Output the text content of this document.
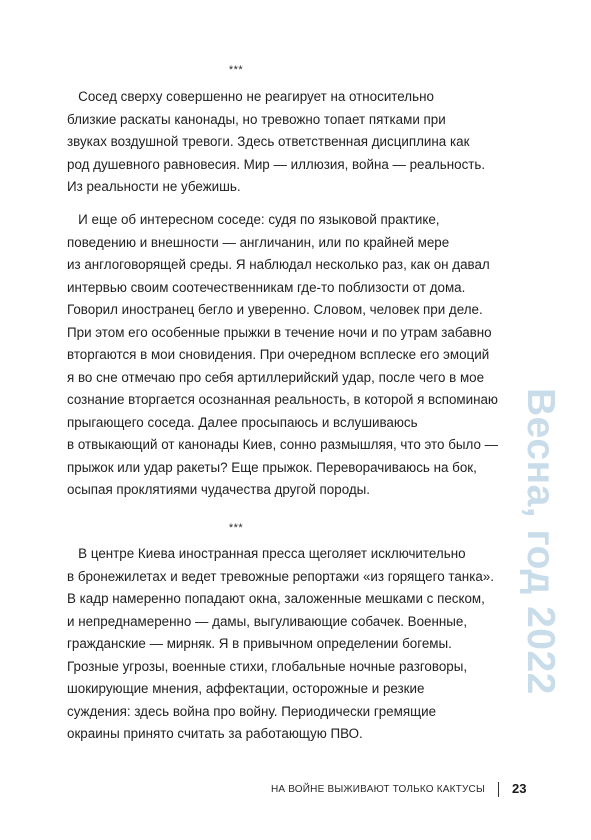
***
Сосед сверху совершенно не реагирует на относительно
близкие раскаты канонады, но тревожно топает пятками при
звуках воздушной тревоги. Здесь ответственная дисциплина как
род душевного равновесия. Мир — иллюзия, война — реальность.
Из реальности не убежишь.
И еще об интересном соседе: судя по языковой практике,
поведению и внешности — англичанин, или по крайней мере
из англоговорящей среды. Я наблюдал несколько раз, как он давал
интервью своим соотечественникам где-то поблизости от дома.
Говорил иностранец бегло и уверенно. Словом, человек при деле.
При этом его особенные прыжки в течение ночи и по утрам забавно
вторгаются в мои сновидения. При очередном всплеске его эмоций
я во сне отмечаю про себя артиллерийский удар, после чего в мое
сознание вторгается осознанная реальность, в которой я вспоминаю
прыгающего соседа. Далее просыпаюсь и вслушиваюсь
в отвыкающий от канонады Киев, сонно размышляя, что это было —
прыжок или удар ракеты? Еще прыжок. Переворачиваюсь на бок,
осыпая проклятиями чудачества другой породы.
***
В центре Киева иностранная пресса щеголяет исключительно
в бронежилетах и ведет тревожные репортажи «из горящего танка».
В кадр намеренно попадают окна, заложенные мешками с песком,
и непреднамеренно — дамы, выгуливающие собачек. Военные,
гражданские — мирняк. Я в привычном определении богемы.
Грозные угрозы, военные стихи, глобальные ночные разговоры,
шокирующие мнения, аффектации, осторожные и резкие
суждения: здесь война про войну. Периодически гремящие
окраины принято считать за работающую ПВО.
Весна, год 2022
НА ВОЙНЕ ВЫЖИВАЮТ ТОЛЬКО КАКТУСЫ 23
